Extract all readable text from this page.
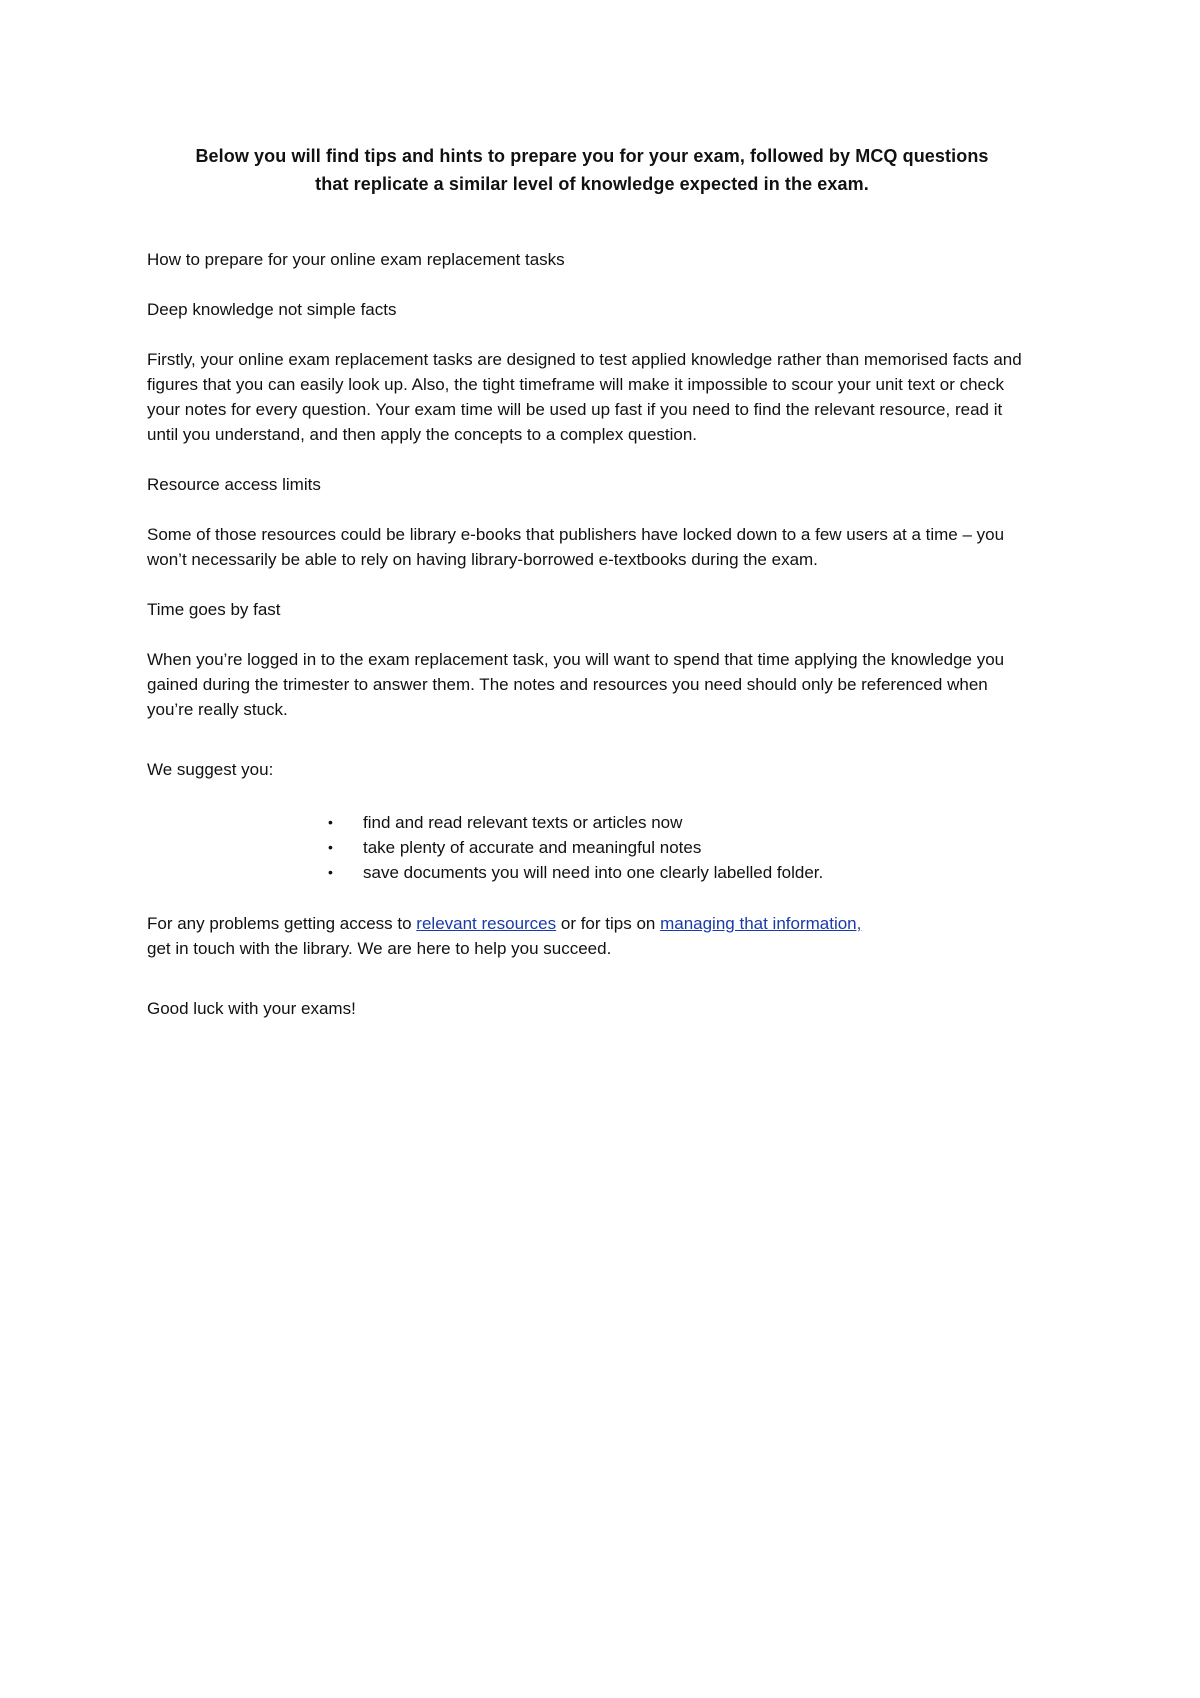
Below you will find tips and hints to prepare you for your exam, followed by MCQ questions
that replicate a similar level of knowledge expected in the exam.

How to prepare for your online exam replacement tasks

Deep knowledge not simple facts

Firstly, your online exam replacement tasks are designed to test applied knowledge rather than memorised facts and figures that you can easily look up. Also, the tight timeframe will make it impossible to scour your unit text or check your notes for every question. Your exam time will be used up fast if you need to find the relevant resource, read it until you understand, and then apply the concepts to a complex question.

Resource access limits

Some of those resources could be library e-books that publishers have locked down to a few users at a time – you won’t necessarily be able to rely on having library-borrowed e-textbooks during the exam.

Time goes by fast

When you’re logged in to the exam replacement task, you will want to spend that time applying the knowledge you gained during the trimester to answer them. The notes and resources you need should only be referenced when you’re really stuck.

We suggest you:

• find and read relevant texts or articles now
• take plenty of accurate and meaningful notes
• save documents you will need into one clearly labelled folder.

For any problems getting access to relevant resources or for tips on managing that information,
get in touch with the library. We are here to help you succeed.

Good luck with your exams!
